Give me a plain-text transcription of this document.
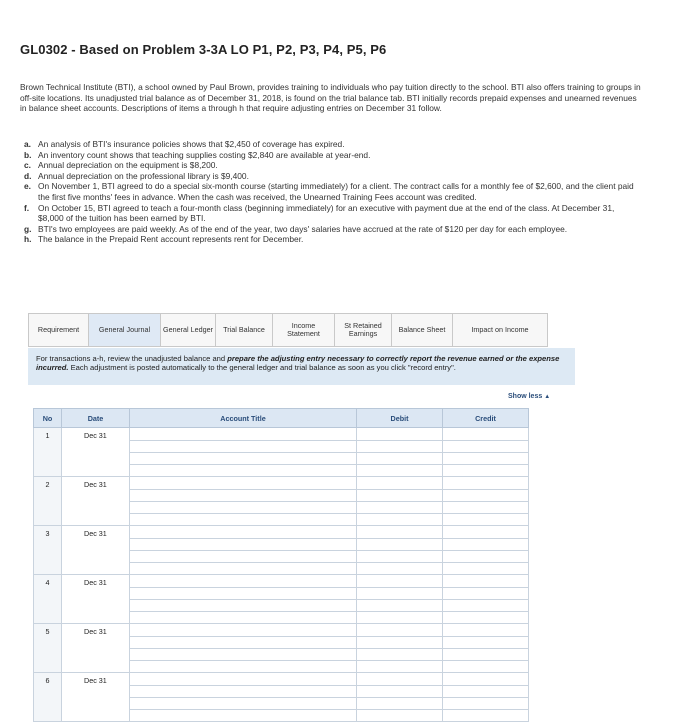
GL0302 - Based on Problem 3-3A LO P1, P2, P3, P4, P5, P6
Brown Technical Institute (BTI), a school owned by Paul Brown, provides training to individuals who pay tuition directly to the school. BTI also offers training to groups in off-site locations. Its unadjusted trial balance as of December 31, 2018, is found on the trial balance tab. BTI initially records prepaid expenses and unearned revenues in balance sheet accounts. Descriptions of items a through h that require adjusting entries on December 31 follow.
a. An analysis of BTI's insurance policies shows that $2,450 of coverage has expired.
b. An inventory count shows that teaching supplies costing $2,840 are available at year-end.
c. Annual depreciation on the equipment is $8,200.
d. Annual depreciation on the professional library is $9,400.
e. On November 1, BTI agreed to do a special six-month course (starting immediately) for a client. The contract calls for a monthly fee of $2,600, and the client paid the first five months' fees in advance. When the cash was received, the Unearned Training Fees account was credited.
f.	On October 15, BTI agreed to teach a four-month class (beginning immediately) for an executive with payment due at the end of the class. At December 31, $8,000 of the tuition has been earned by BTI.
g. BTI's two employees are paid weekly. As of the end of the year, two days' salaries have accrued at the rate of $120 per day for each employee.
h. The balance in the Prepaid Rent account represents rent for December.
Requirement	General Journal	General Ledger	Trial Balance	Income Statement
St Retained Earnings	Balance Sheet	Impact on Income
For transactions a-h, review the unadjusted balance and prepare the adjusting entry necessary to correctly report the revenue earned or the expense incurred. Each adjustment is posted automatically to the general ledger and trial balance as soon as you click "record entry".
Show less ▲
No	Date	Account Title	Debit	Credit
1	Dec 31			

2	Dec 31			

3	Dec 31			

4	Dec 31			

5	Dec 31			

6	Dec 31			
